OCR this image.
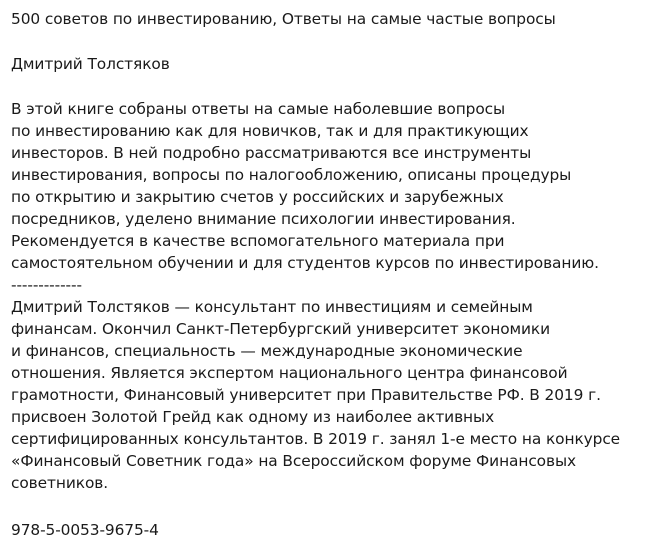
500 советов по инвестированию, Ответы на самые частые вопросы
Дмитрий Толстяков
В этой книге собраны ответы на самые наболевшие вопросы
по инвестированию как для новичков, так и для практикующих
инвесторов. В ней подробно рассматриваются все инструменты
инвестирования, вопросы по налогообложению, описаны процедуры
по открытию и закрытию счетов у российских и зарубежных
посредников, уделено внимание психологии инвестирования.
Рекомендуется в качестве вспомогательного материала при
самостоятельном обучении и для студентов курсов по инвестированию.
-------------
Дмитрий Толстяков — консультант по инвестициям и семейным
финансам. Окончил Санкт-Петербургский университет экономики
и финансов, специальность — международные экономические
отношения. Является экспертом национального центра финансовой
грамотности, Финансовый университет при Правительстве РФ. В 2019 г.
присвоен Золотой Грейд как одному из наиболее активных
сертифицированных консультантов. В 2019 г. занял 1-е место на конкурсе
«Финансовый Советник года» на Всероссийском форуме Финансовых
советников.
978-5-0053-9675-4
